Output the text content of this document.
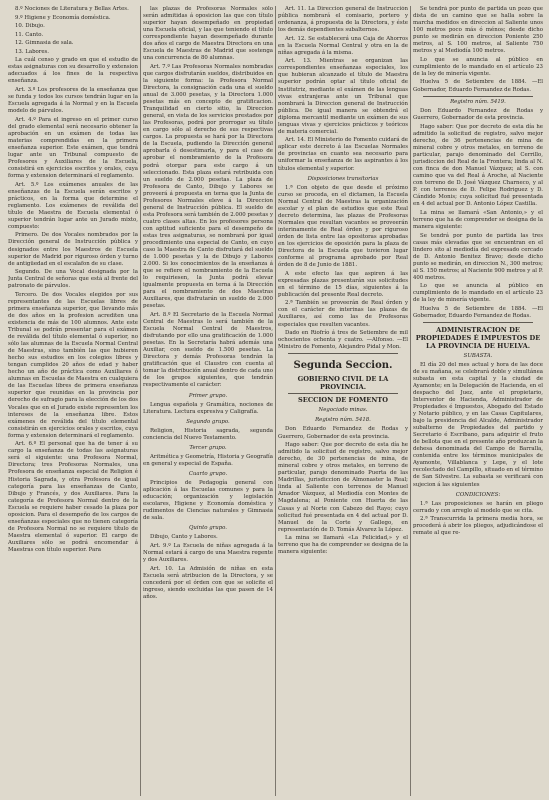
8.º Nociones de Literatura y Bellas Artes.

9.º Higiene y Economía doméstica.

10. Dibujo.

11. Canto.

12. Gimnasia de sala.

13. Labores.

La cuál censo y grado en que el estudio de estas asignaturas con su desarrollo y extension adecuados á los fines de la respectiva enseñanza.

Art. 3.º Los profesores de la enseñanza que se funda y todos los cursos tendrán lugar en la Escuela agregada á la Normal y en la Escuela modelo de párvulos.

Art. 4.º Para el ingreso en el primer curso del grado elemental será necesario obtener la aprobación en un exámen de todas las materias comprendidas en la primera enseñanza superior. Este exámen, que tendrá lugar ante un Tribunal compuesto de Profesores y Auxiliares de la Escuela, consistirá en ejercicios escritos y orales, cuya forma y extension determinará el reglamento.

Art. 5.º Los exámenes anuales de las enseñanzas de la Escuela serán escritos y prácticos, en la forma que determine el reglamento. Los exámenes de reválida del título de Maestra de Escuela elemental ó superior tendrán lugar ante un Jurado mixto, compuesto:

Primero. De dos Vocales nombrados por la Dirección general de Instrucción pública y designados entre los Maestros de Escuela superior de Madrid por riguroso órden y turno de antigüedad en el escalafon de su clase.

Segundo. De una Vocal designada por la Junta Central de señoras que está al frente del patronato de párvulos.

Tercero. De dos Vocales elegidos por sus representantes de las Escuelas libres de primera enseñanza superior, que llevando más de dos años en la profesion acrediten una existencia de más de 100 alumnos. Ante este Tribunal se podrán presentar para el exámen de reválida del título elemental ó superior, no sólo las alumnas de la Escuela Normal Central de Maestras, sino también las que hubieren hecho sus estudios en los colegios libres y tengan cumplidos 20 años de edad y haber hecho un año de práctica como Auxiliares ó alumnas en Escuelas de Maestra en cualquiera de las Escuelas libres de primera enseñanza superior que reunidas en la provincia por derecho de sufragio para la elección de los dos Vocales que en el Jurado existe representen los intereses de la enseñanza libre. Estos exámenes de reválida del título elemental consistirán en ejercicios orales y escritos, cuya forma y extension determinará el reglamento.

Art. 6.º El personal que ha de tener á su cargo la enseñanza de todas las asignaturas será el siguiente: una Profesora Normal, Directora; tres Profesoras Normales, una Profesora de enseñanza especial de Religion é Historia Sagrada, y otra Profesora de igual categoría para las enseñanzas de Canto, Dibujo y Francés, y dos Auxiliares. Para la categoría de Profesora Normal dentro de la Escuela se requiere haber cesado la plaza por oposicion. Para el desempeño de los cargos de enseñanzas especiales que no tienen categoría de Profesora Normal no se requiere título de Maestra elemental ó superior. El cargo de Auxiliares sólo se podrá encomendar á Maestras con título superior. Para

las plazas de Profesoras Normales sólo serán admitidas á oposicion las que con título superior hayan desempeñado en propiedad una Escuela oficial, y las que teniendo el título correspondiente hayan desempeñado durante dos años el cargo de Maestra Directora en una Escuela de Maestras de Madrid que sostenga una concurrencia de 80 alumnas.

Art. 7.º Las Profesoras Normales nombradas que cargos disfrutarán sueldos, distribuidos en la siguiente forma: la Profesora Normal Directora, la consignación cada una el sueldo anual de 3.000 pesetas, y la Directora 1.000 pesetas más en concepto de gratificacion. Tranquilidad en cierto sitio, la Direccion general, en vista de los servicios prestados por las Profesoras, podrá por prorrogar su título en cargo sólo al derecho de sus respectivas cargos. La propuesta se hará por la Directora de la Escuela, pudiendo la Dirección general aprobarla ó desestimarla, y para el caso de aprobar el nombramiento de la Profesora podrá otorgar para este cargo á un seleccionado. Esta plaza estará retribuida con un sueldo de 2.000 pesetas. La plaza de Profesora de Canto, Dibujo y Labores se proveerá á propuesta en terna que la Junta de Profesores Normales eleve á la Direccion general de Instrucción pública. El sueldo de esta Profesora será también de 2.000 pesetas y cuatro clases altas. En los profesores persona con aptitud suficiente para el desempeño de estas tres asignaturas, se nombrará por igual procedimiento una especial de Canto, en cuyo caso la Maestra de Canto disfrutará del sueldo de 1.000 pesetas y la de Dibujo y Labores 2.000. Si los conocimientos de la enseñanza á que se refiere el nombramiento de la Escuela lo requiriesen, la Junta podrá elevar igualmente propuesta en terna á la Dirección para el nombramiento de dos Maestras Auxiliares, que disfrutarán un sueldo de 2.000 pesetas.

Art. 8.º El Secretario de la Escuela Normal Central de Maestras lo será también de la Escuela Normal Central de Maestros, disfrutando por ello una gratificación de 1.000 pesetas. En la Secretaría habrá además una Auxiliar, con sueldo de 1.500 pesetas. La Directora y demás Profesoras tendrán la gratificación que el Claustro con cuenta al tomar la distribución anual dentro de cada uno de los grupos siguientes, que tendrán respectivamente el carácter:

Primer grupo.

Lengua española y Gramática, nociones de Literatura. Lectura expresiva y Caligrafía.

Segundo grupo.

Religion, Historia sagrada, segunda conciencia del Nuevo Testamento.

Tercer grupo.

Aritmética y Geometría, Historia y Geografía en general y especial de España.

Cuarto grupo.

Principios de Pedagogía general con aplicación á las Escuelas comunes y para la educación; organización y legislación escolares, Higiene y Economía doméstica y rudimentos de Ciencias naturales y Gimnasia de sala.

Quinto grupo.

Dibujo, Canto y Labores.

Art. 9.º La Escuela de niñas agregada á la Normal estará á cargo de una Maestra regente y dos Auxiliares.

Art. 10. La Admisión de niñas en esta Escuela será atribucion de la Directora, y se concederá por el órden con que se solicite el ingreso, siendo excluidas las que pasen de 14 años.

Art. 11. La Direccion general de Instrucción pública nombrará el comisario, portero y ordenanza, á propuesta de la Directora, y éste los demás dependientes subalternos.

Art. 12. Se establecerá una Caja de Ahorros en la Escuela Normal Central y otra en la de niñas agregada á la misma.

Art. 13. Mientras se organizan las correspondientes enseñanzas especiales, los que hubieran alcanzado el título de Maestra superior podrán optar al título oficial de Institutriz, mediante el exámen de las lenguas vivas extranjeras ante un Tribunal que nombrará la Direccion general de Instrucción pública. De igual manera se obtendrá el diploma mercantil mediante un exámen de sus lenguas vivas y ejercicios prácticos y teóricos de materia comercial.

Art. 14. El Ministerio de Fomento cuidará de aplicar este decreto á las Escuelas Normales de provincias en cuanto sea necesario para uniformar la enseñanza de las aspirantes á los títulos elemental y superior.

Disposiciones transitorias

1.ª Con objeto de que desde el próximo curso se proceda, en el dictamen, la Escuela Normal Central de Maestras la organización escolar y el plan de estudios que este Real decreto determina, las plazas de Profesoras Normales que resultan vacantes se proveerán interinamente de Real órden y por riguroso órden de lista entre las opositoras aprobadas en los ejercicios de oposición para la plaza de Directora de la Escuela que tuvieron lugar conforme al programa aprobado por Real órden de 8 de Junio de 1881.

A este efecto las que aspiren á las expresadas plazas presentarán sus solicitudes en el término de 15 días, siguientes á la publicación del presente Real decreto.

2.ª También se proveerán de Real órden y con el carácter de interinas las plazas de Auxiliares, así como las de Profesoras especiales que resulten vacantes.

Dado en Riofrío á tres de Setiembre de mil ochocientos ochenta y cuatro. —Alfonso. —El Ministro de Fomento, Alejandro Pidal y Mon.

Segunda Seccion.
GOBIERNO CIVIL DE LA PROVINCIA.
SECCION DE FOMENTO
Negociado minas.
Registro núm. 5418.

Don Eduardo Fernandez de Rodas y Guerrero, Gobernador de esta provincia.

Hago saber: Que por decreto de esta día he admitido la solicitud de registro, salvo mejor derecho, de 30 pertenencias de mina, de mineral cobre y otros metales, en terreno de particular, parajo denominado Puerta de las Madrillas, jurisdiccion de Almonaster la Real; linda al Saliente con terrenos de Manuel Amador Vázquez, al Mediodía con Montes de Magdalena; al Poniente con Huerta de las Casas y al Norte con Cabezo del Rayo; cuyo solicitud fué presentada en 4 del actual por D. Manuel de la Corte y Gallego, en representación de D. Tomás Álvarez la López.

La mina se llamará «La Felicidad,» y el terreno que ha de comprender se designa de la manera siguiente:

Se tendrá por punto de partida un pozo que dista de un camino que se halla sobre la marcha medidos en direccion al Saliente unos 100 metros poco más ó ménos; desde dicho punto se medirán en direccion Poniente 250 metros, al S. 100 metros, al Saliente 750 metros y al Mediodía 100 metros.

Lo que se anuncia al público en cumplimiento de lo mandado en el artículo 23 de la ley de minería vigente.

Huelva 5 de Setiembre de 1884. —El Gobernador, Eduardo Fernandez de Rodas.

Registro núm. 5419.

Don Eduardo Fernandez de Rodas y Guerrero, Gobernador de esta provincia.

Hago saber: Que por decreto de esta día he admitido la solicitud de registro, salvo mejor derecho, de 36 pertenencias de mina de mineral cobre y otros metales, en terreno de particular, parajo denominado del Cerrillo, jurisdiccion del Real de la Frontera; linda al N. con finca de don Manuel Vázquez; al S. con camino que va del Real á Aroche, al Naciente con terreno de D. José Vázquez Charneco, y al P. con terrenos de D. Felipe Rodriguez y D. Cándido Monis; cuya solicitud fué presentada en 4 del actual por D. Antonio López Castilla.

La mina se llamará «San Antonio,» y el terreno que ha de comprender se designa de la manera siguiente:

Se tendrá por punto de partida las tres casas más elevadas que se encuentran en el lindero sito al mediodía del expresado cercado de D. Antonio Benitez Bravo; desde dicho punto se medirán, en direccion N., 300 metros; al S. 150 metros; al Naciente 900 metros y al P. 400 metros.

Lo que se anuncia al público en cumplimiento de lo mandado en el artículo 23 de la ley de minería vigente.

Huelva 5 de Setiembre de 1884. —El Gobernador, Eduardo Fernandez de Rodas.

ADMINISTRACION DE PROPIEDADES É IMPUESTOS DE LA PROVINCIA DE HUELVA.
SUBASTA.

El día 20 del mes actual y hora de las doce de su mañana, se celebrará doble y simultánea subasta en esta capital y la ciudad de Ayamonte; en la Delegación de Hacienda, en el despacho del Juez, ante el propietario, Interventor de Hacienda, Administrador de Propiedades é Impuestos, Abogado del Estado y Notario público, y en las Casas Capitulares, bajo la presidencia del Alcalde, Administrador subalterno de Propiedades del partido y Secretario é Escribano, para adquirir el fruto de bellota que en el presente año produzcan la dehesa denominada del Campo de Barralla, contenida entre los términos municipales de Ayamonte, Villablanca y Lepe, y el lote recolectado del Campillo, situado en el término de San Silvestre. La subasta se verificará con sujecion á las siguientes

CONDICIONES:

1.ª Las proposiciones se harán en pliego cerrado y con arreglo al modelo que se cita.

2.ª Transcurrida la primera media hora, se procederá á abrir los pliegos, adjudicándose el remate al que re-
